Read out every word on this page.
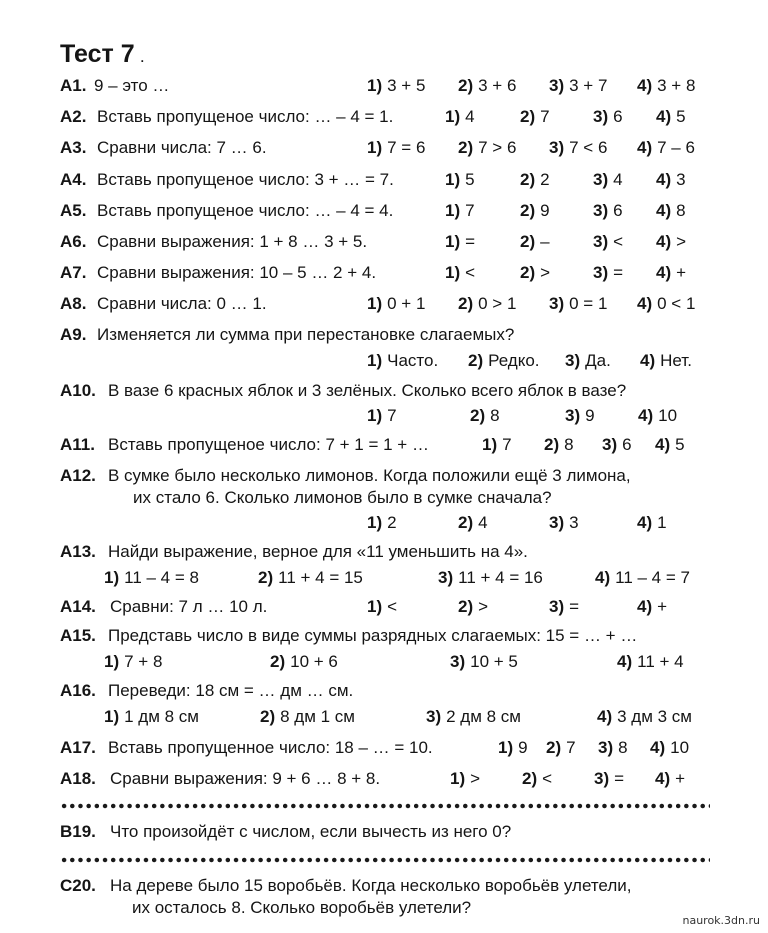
Тест 7 .
А1. 9 – это …	1) 3 + 5 2) 3 + 6 3) 3 + 7 4) 3 + 8
А2. Вставь пропущеное число: … – 4 = 1.	1) 4	2) 7	3) 6 4) 5
А3. Сравни числа: 7 … 6.	1) 7 = 6 2) 7 > 6 3) 7 < 6 4) 7 – 6
А4. Вставь пропущеное число: 3 + … = 7.	1) 5	2) 2	3) 4 4) 3
А5. Вставь пропущеное число: … – 4 = 4.	1) 7	2) 9	3) 6 4) 8
А6. Сравни выражения: 1 + 8 … 3 + 5.	1) =	2) –	3) < 4) >
А7. Сравни выражения: 10 – 5 … 2 + 4.	1) <	2) >	3) = 4) +
А8. Сравни числа: 0 … 1.	1) 0 + 1 2) 0 > 1 3) 0 = 1 4) 0 < 1
А9. Изменяется ли сумма при перестановке слагаемых?
1) Часто. 2) Редко. 3) Да. 4) Нет.
А10. В вазе 6 красных яблок и 3 зелёных. Сколько всего яблок в вазе?
1) 7	2) 8	3) 9	4) 10
А11. Вставь пропущеное число: 7 + 1 = 1 + …	1) 7 2) 8 3) 6 4) 5
А12. В сумке было несколько лимонов. Когда положили ещё 3 лимона,
их стало 6. Сколько лимонов было в сумке сначала?
1) 2	2) 4	3) 3	4) 1
А13. Найди выражение, верное для «11 уменьшить на 4».
1) 11 – 4 = 8	2) 11 + 4 = 15	3) 11 + 4 = 16	4) 11 – 4 = 7
А14. Сравни: 7 л … 10 л.	1) <	2) >	3) =	4) +
А15. Представь число в виде суммы разрядных слагаемых: 15 = … + …
1) 7 + 8	2) 10 + 6	3) 10 + 5	4) 11 + 4
А16. Переведи: 18 см = … дм … см.
1) 1 дм 8 см	2) 8 дм 1 см	3) 2 дм 8 см	4) 3 дм 3 см
А17. Вставь пропущенное число: 18 – … = 10.	1) 9 2) 7 3) 8 4) 10
А18. Сравни выражения: 9 + 6 … 8 + 8.	1) > 2) < 3) = 4) +
В19. Что произойдёт с числом, если вычесть из него 0?
С20. На дереве было 15 воробьёв. Когда несколько воробьёв улетели,
их осталось 8. Сколько воробьёв улетели?
naurok.3dn.ru
